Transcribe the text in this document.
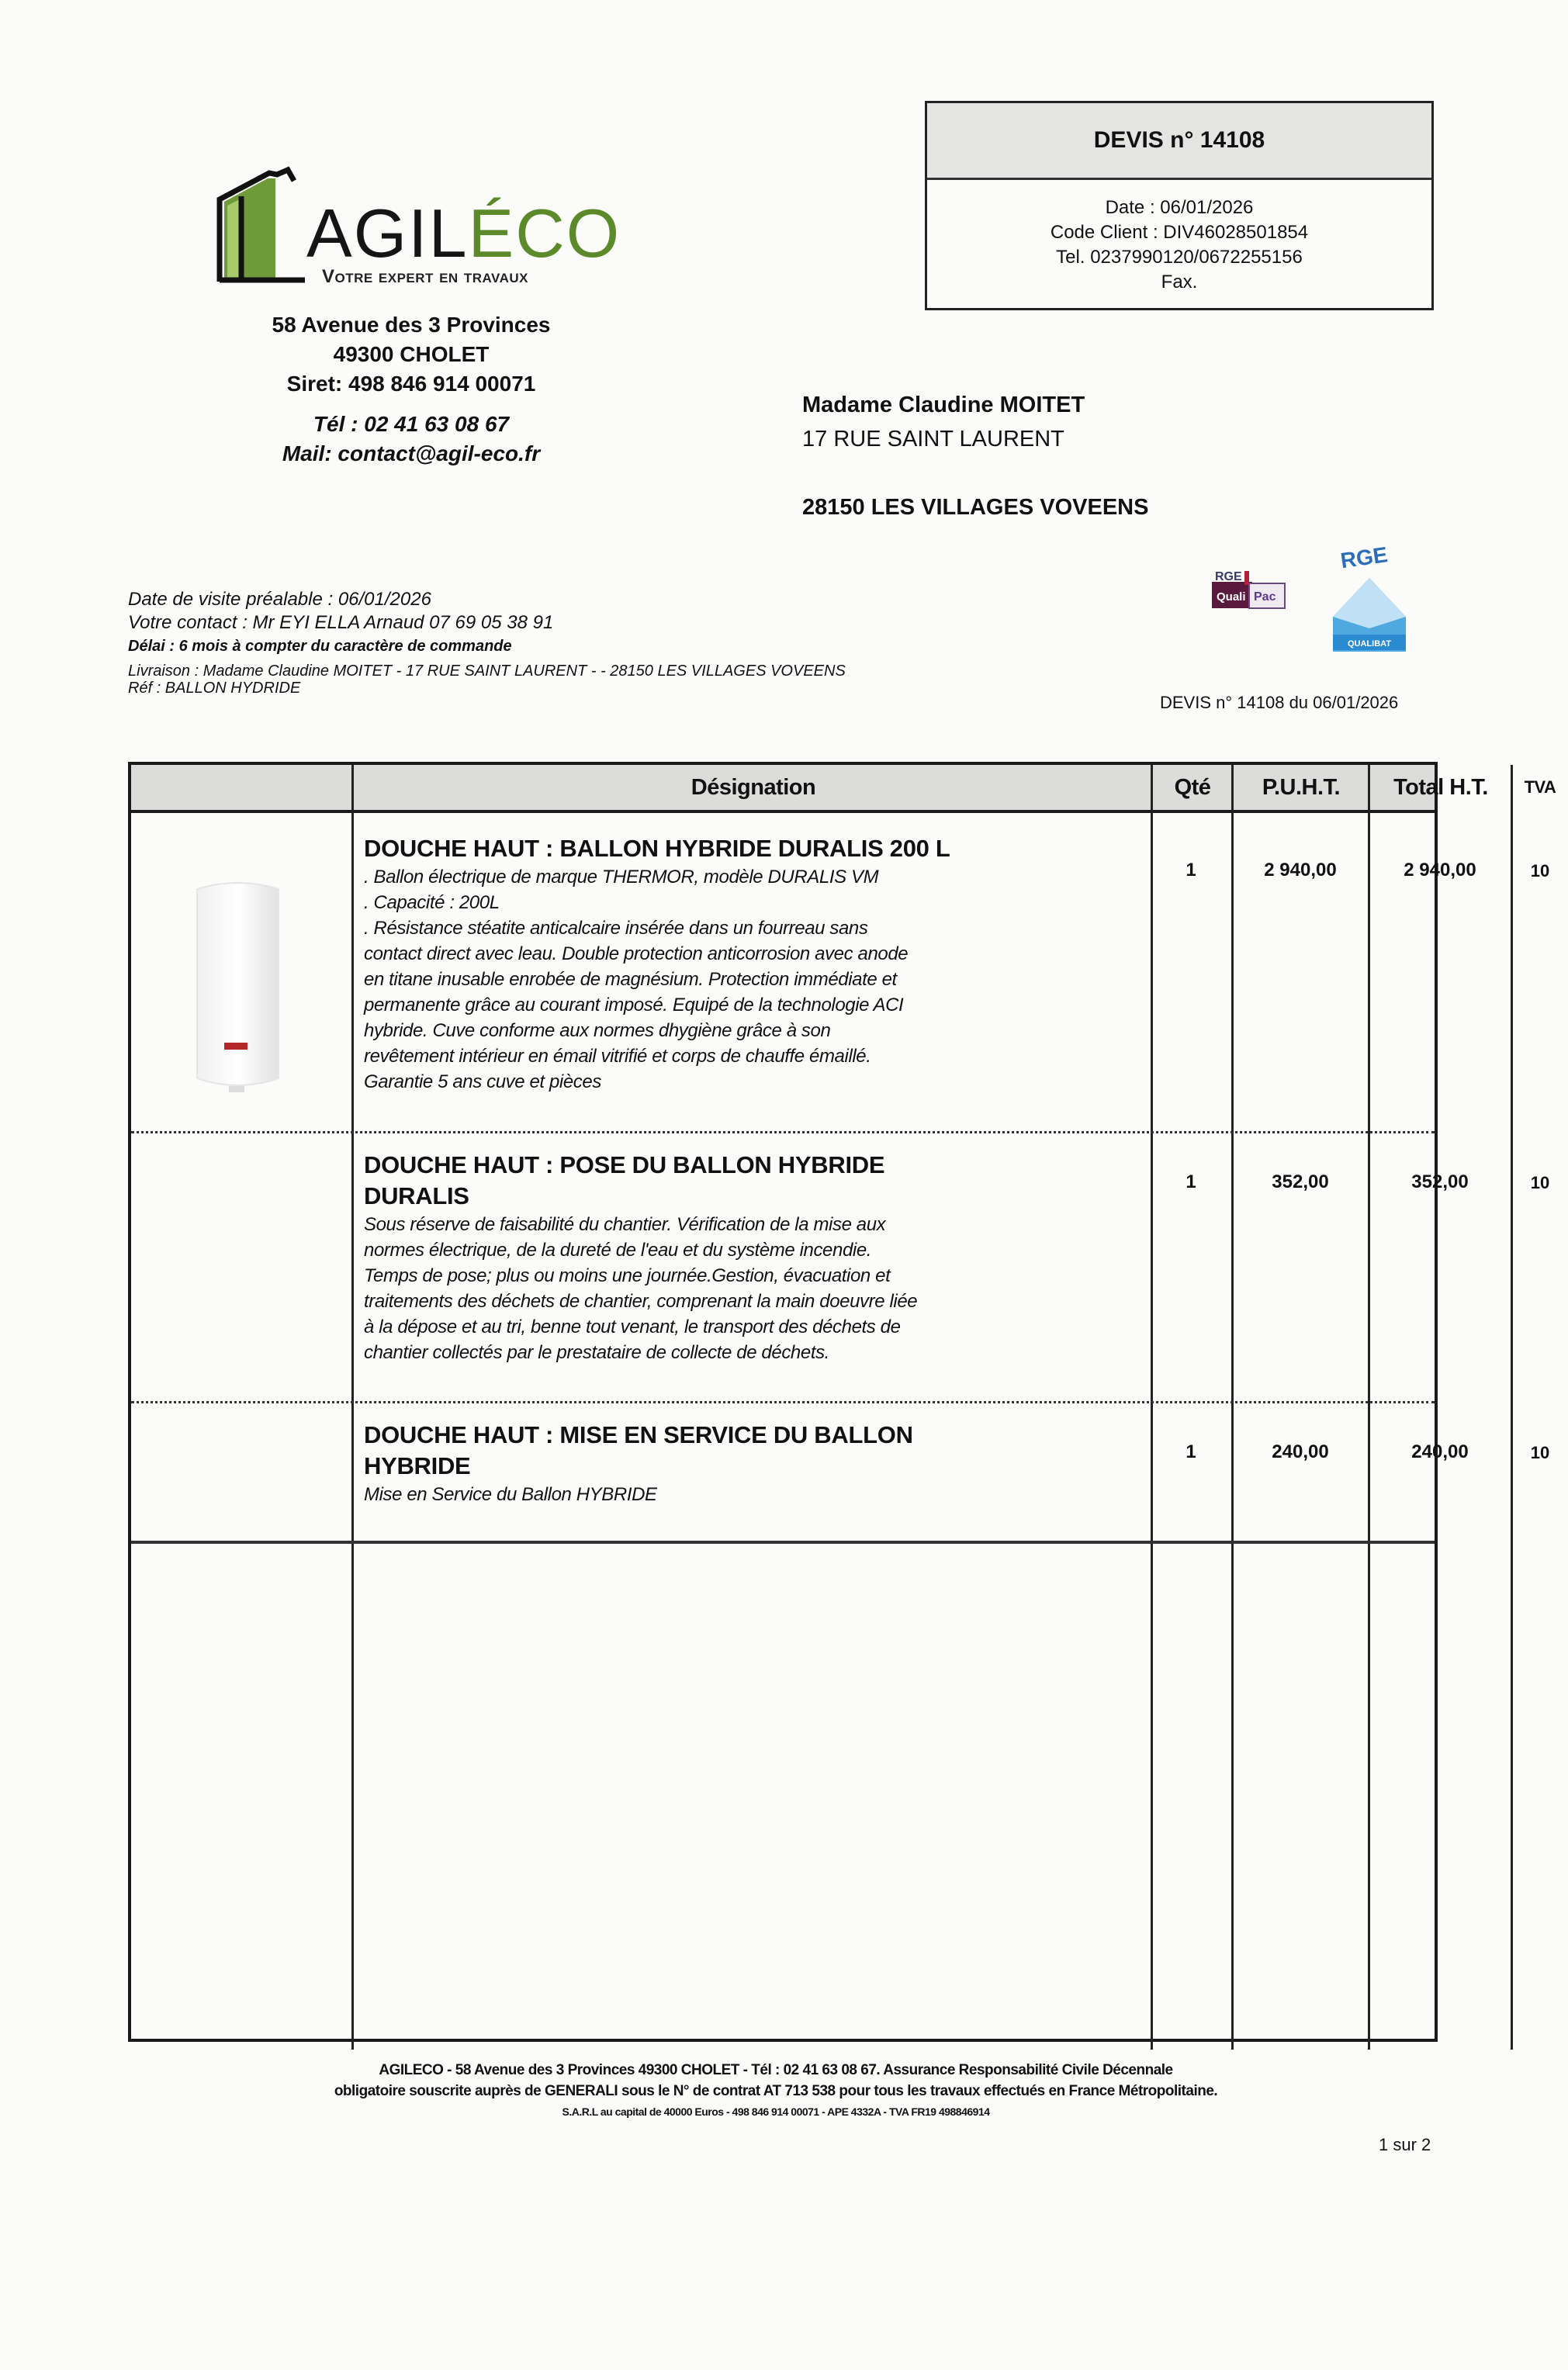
AGILÉCO
Votre expert en travaux
58 Avenue des 3 Provinces
49300 CHOLET
Siret: 498 846 914 00071
Tél : 02 41 63 08 67
Mail: contact@agil-eco.fr
DEVIS n° 14108
Date : 06/01/2026
Code Client : DIV46028501854
Tel. 0237990120/0672255156
Fax.
Madame Claudine MOITET
17 RUE SAINT LAURENT
28150 LES VILLAGES VOVEENS
Date de visite préalable : 06/01/2026
Votre contact : Mr EYI ELLA Arnaud 07 69 05 38 91
Délai : 6 mois à compter du caractère de commande
Livraison : Madame Claudine MOITET - 17 RUE SAINT LAURENT - - 28150 LES VILLAGES VOVEENS
Réf : BALLON HYDRIDE
RGE
Quali Pac
RGE
QUALIBAT
DEVIS n° 14108 du 06/01/2026
Désignation	Qté	P.U.H.T.	Total H.T.	TVA
DOUCHE HAUT : BALLON HYBRIDE DURALIS 200 L
. Ballon électrique de marque THERMOR, modèle DURALIS VM
. Capacité : 200L
. Résistance stéatite anticalcaire insérée dans un fourreau sans
contact direct avec leau. Double protection anticorrosion avec anode
en titane inusable enrobée de magnésium. Protection immédiate et
permanente grâce au courant imposé. Equipé de la technologie ACI
hybride. Cuve conforme aux normes dhygiène grâce à son
revêtement intérieur en émail vitrifié et corps de chauffe émaillé.
Garantie 5 ans cuve et pièces
1	2 940,00	2 940,00	10
DOUCHE HAUT : POSE DU BALLON HYBRIDE
DURALIS
Sous réserve de faisabilité du chantier. Vérification de la mise aux
normes électrique, de la dureté de l'eau et du système incendie.
Temps de pose; plus ou moins une journée.Gestion, évacuation et
traitements des déchets de chantier, comprenant la main doeuvre liée
à la dépose et au tri, benne tout venant, le transport des déchets de
chantier collectés par le prestataire de collecte de déchets.
1	352,00	352,00	10
DOUCHE HAUT : MISE EN SERVICE DU BALLON
HYBRIDE
Mise en Service du Ballon HYBRIDE
1	240,00	240,00	10
AGILECO - 58 Avenue des 3 Provinces 49300 CHOLET - Tél : 02 41 63 08 67. Assurance Responsabilité Civile Décennale
obligatoire souscrite auprès de GENERALI sous le N° de contrat AT 713 538 pour tous les travaux effectués en France Métropolitaine.
S.A.R.L au capital de 40000 Euros - 498 846 914 00071 - APE 4332A - TVA FR19 498846914
1 sur 2
